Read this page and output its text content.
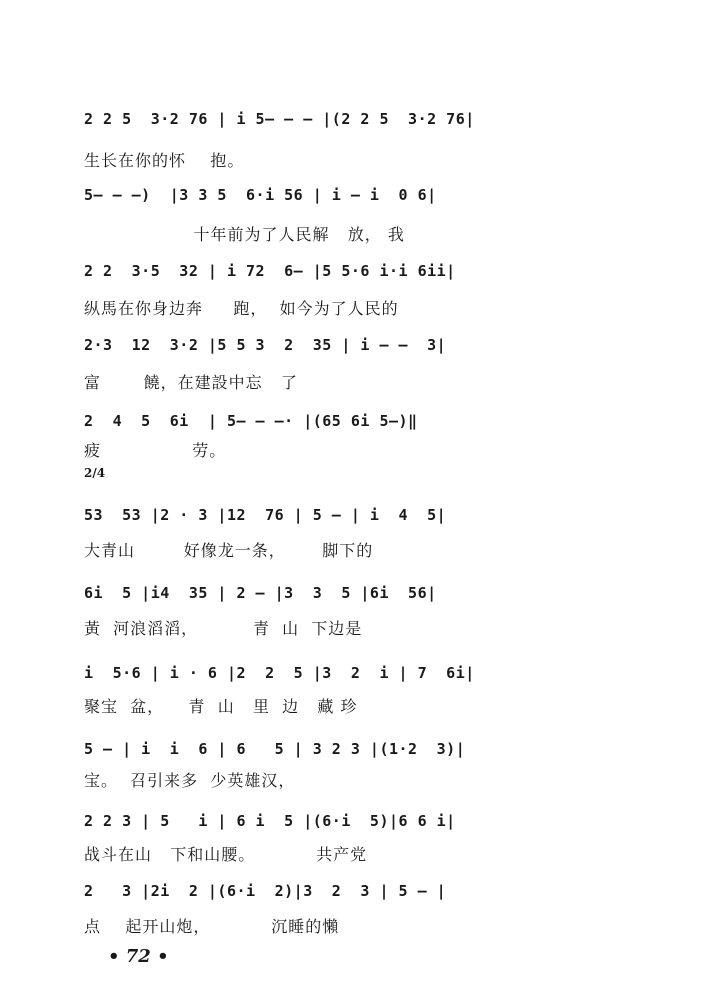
2 2 5  3·2 76 | i 5— — — |(2 2 5  3·2 76|
生长在你的怀    抱。
5— — —)  |3 3 5  6·i 56 | i — i  0 6|
十年前为了人民解   放， 我
2 2  3·5  32 | i 72  6— |5 5·6 i·i 6ii|
纵馬在你身边奔     跑，  如今为了人民的
2·3  12  3·2 |5 5 3  2  35 | i — —  3|
富       饒，在建設中忘   了
2  4  5  6i  | 5— — —· |(65 6i 5—)‖
疲               劳。
2/4
53  53 |2 · 3 |12  76 | 5 — | i  4  5|
大青山        好像龙一条，      脚下的
6i  5 |i4  35 | 2 — |3  3  5 |6i  56|
黃  河浪滔滔，         青  山  下边是
i  5·6 | i · 6 |2  2  5 |3  2  i | 7  6i|
聚宝  盆，    青  山   里  边   藏 珍
5 — | i  i  6 | 6   5 | 3 2 3 |(1·2  3)|
宝。  召引来多  少英雄汉，
2 2 3 | 5   i | 6 i  5 |(6·i  5)|6 6 i|
战斗在山   下和山腰。          共产党
2   3 |2i  2 |(6·i  2)|3  2  3 | 5 — |
点    起开山炮，          沉睡的懶
• 72 •
